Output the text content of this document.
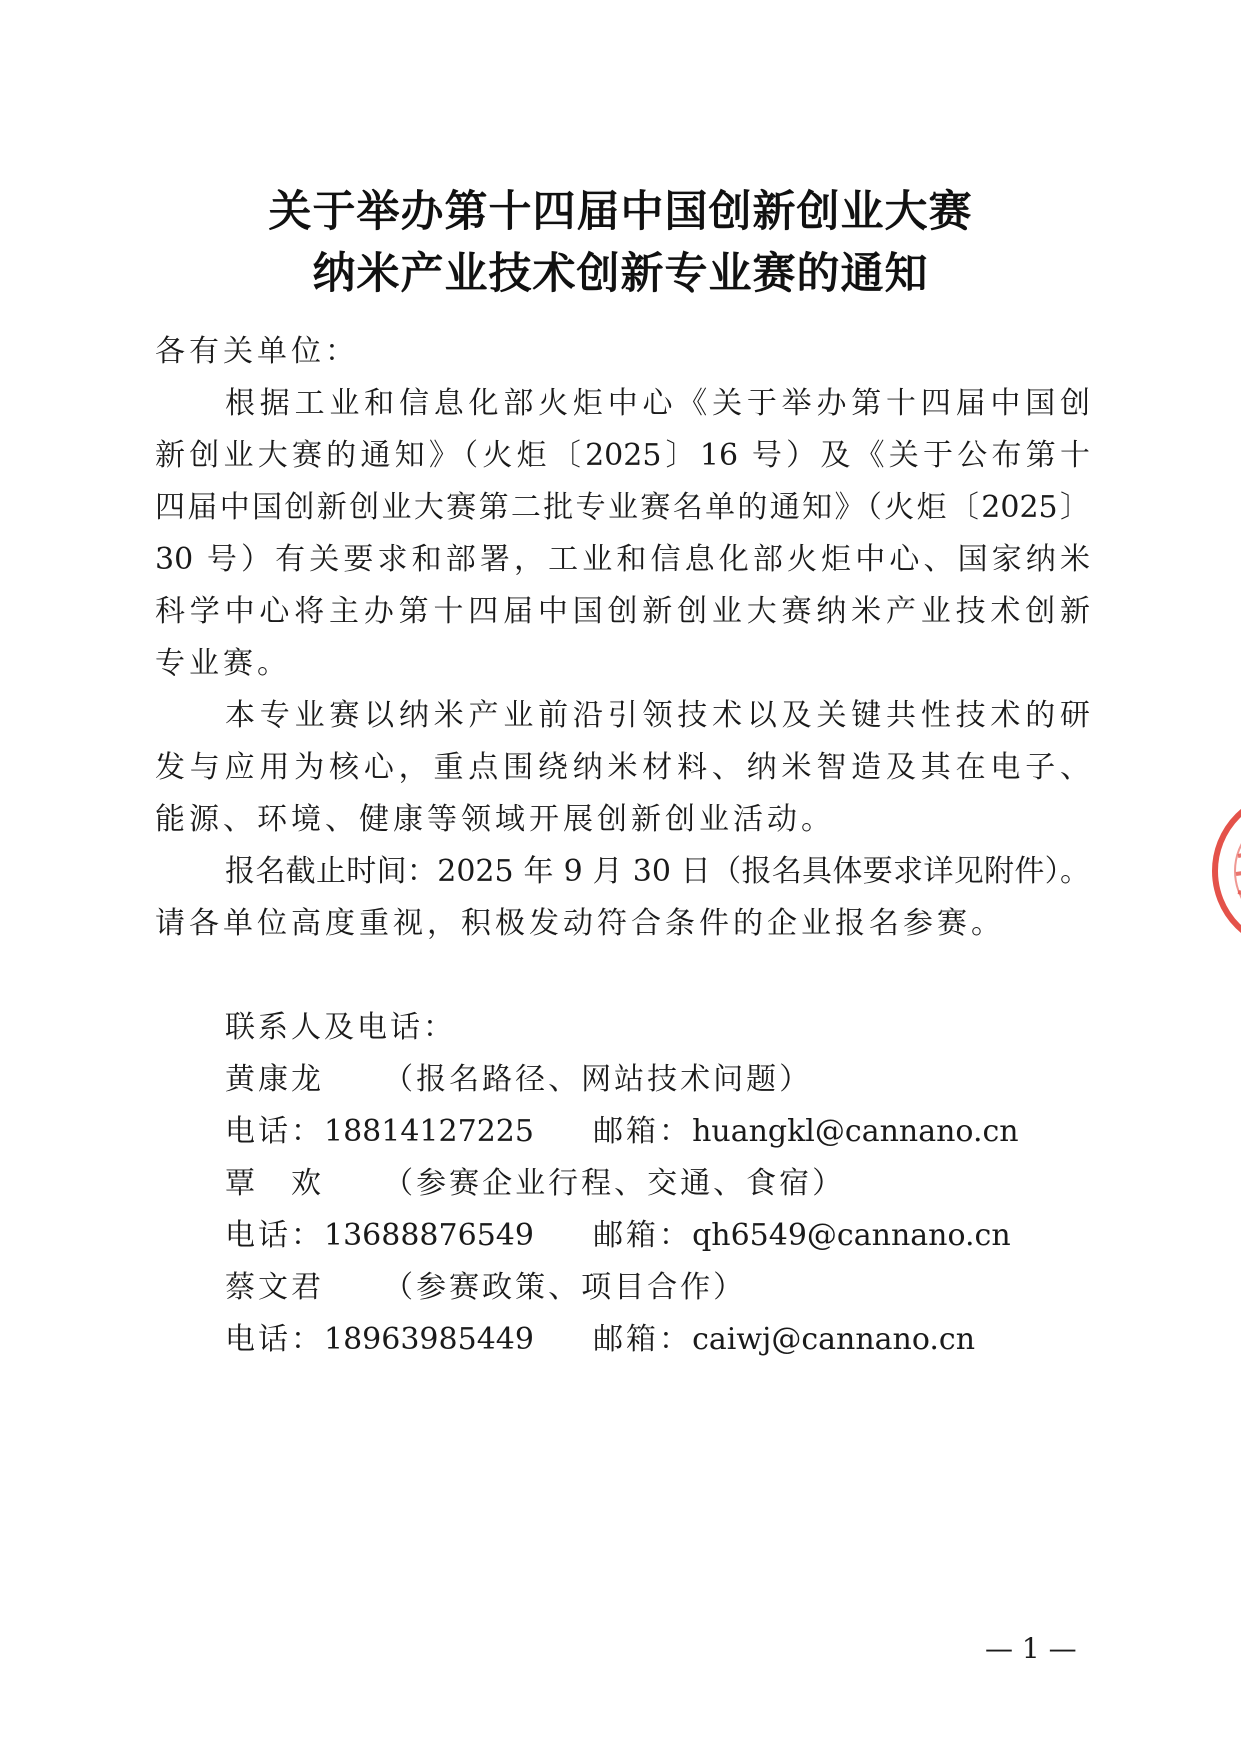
关于举办第十四届中国创新创业大赛
纳米产业技术创新专业赛的通知
各有关单位：
根据工业和信息化部火炬中心《关于举办第十四届中国创
新创业大赛的通知》（火炬〔2025〕16 号）及《关于公布第十
四届中国创新创业大赛第二批专业赛名单的通知》（火炬〔2025〕
30 号）有关要求和部署，工业和信息化部火炬中心、国家纳米
科学中心将主办第十四届中国创新创业大赛纳米产业技术创新
专业赛。
本专业赛以纳米产业前沿引领技术以及关键共性技术的研
发与应用为核心，重点围绕纳米材料、纳米智造及其在电子、
能源、环境、健康等领域开展创新创业活动。
报名截止时间：2025 年 9 月 30 日（报名具体要求详见附件）。
请各单位高度重视，积极发动符合条件的企业报名参赛。
联系人及电话：
黄康龙 （报名路径、网站技术问题）
电话：18814127225 邮箱：huangkl@cannano.cn
覃　欢 （参赛企业行程、交通、食宿）
电话：13688876549 邮箱：qh6549@cannano.cn
蔡文君 （参赛政策、项目合作）
电话：18963985449 邮箱：caiwj@cannano.cn
— 1 —
